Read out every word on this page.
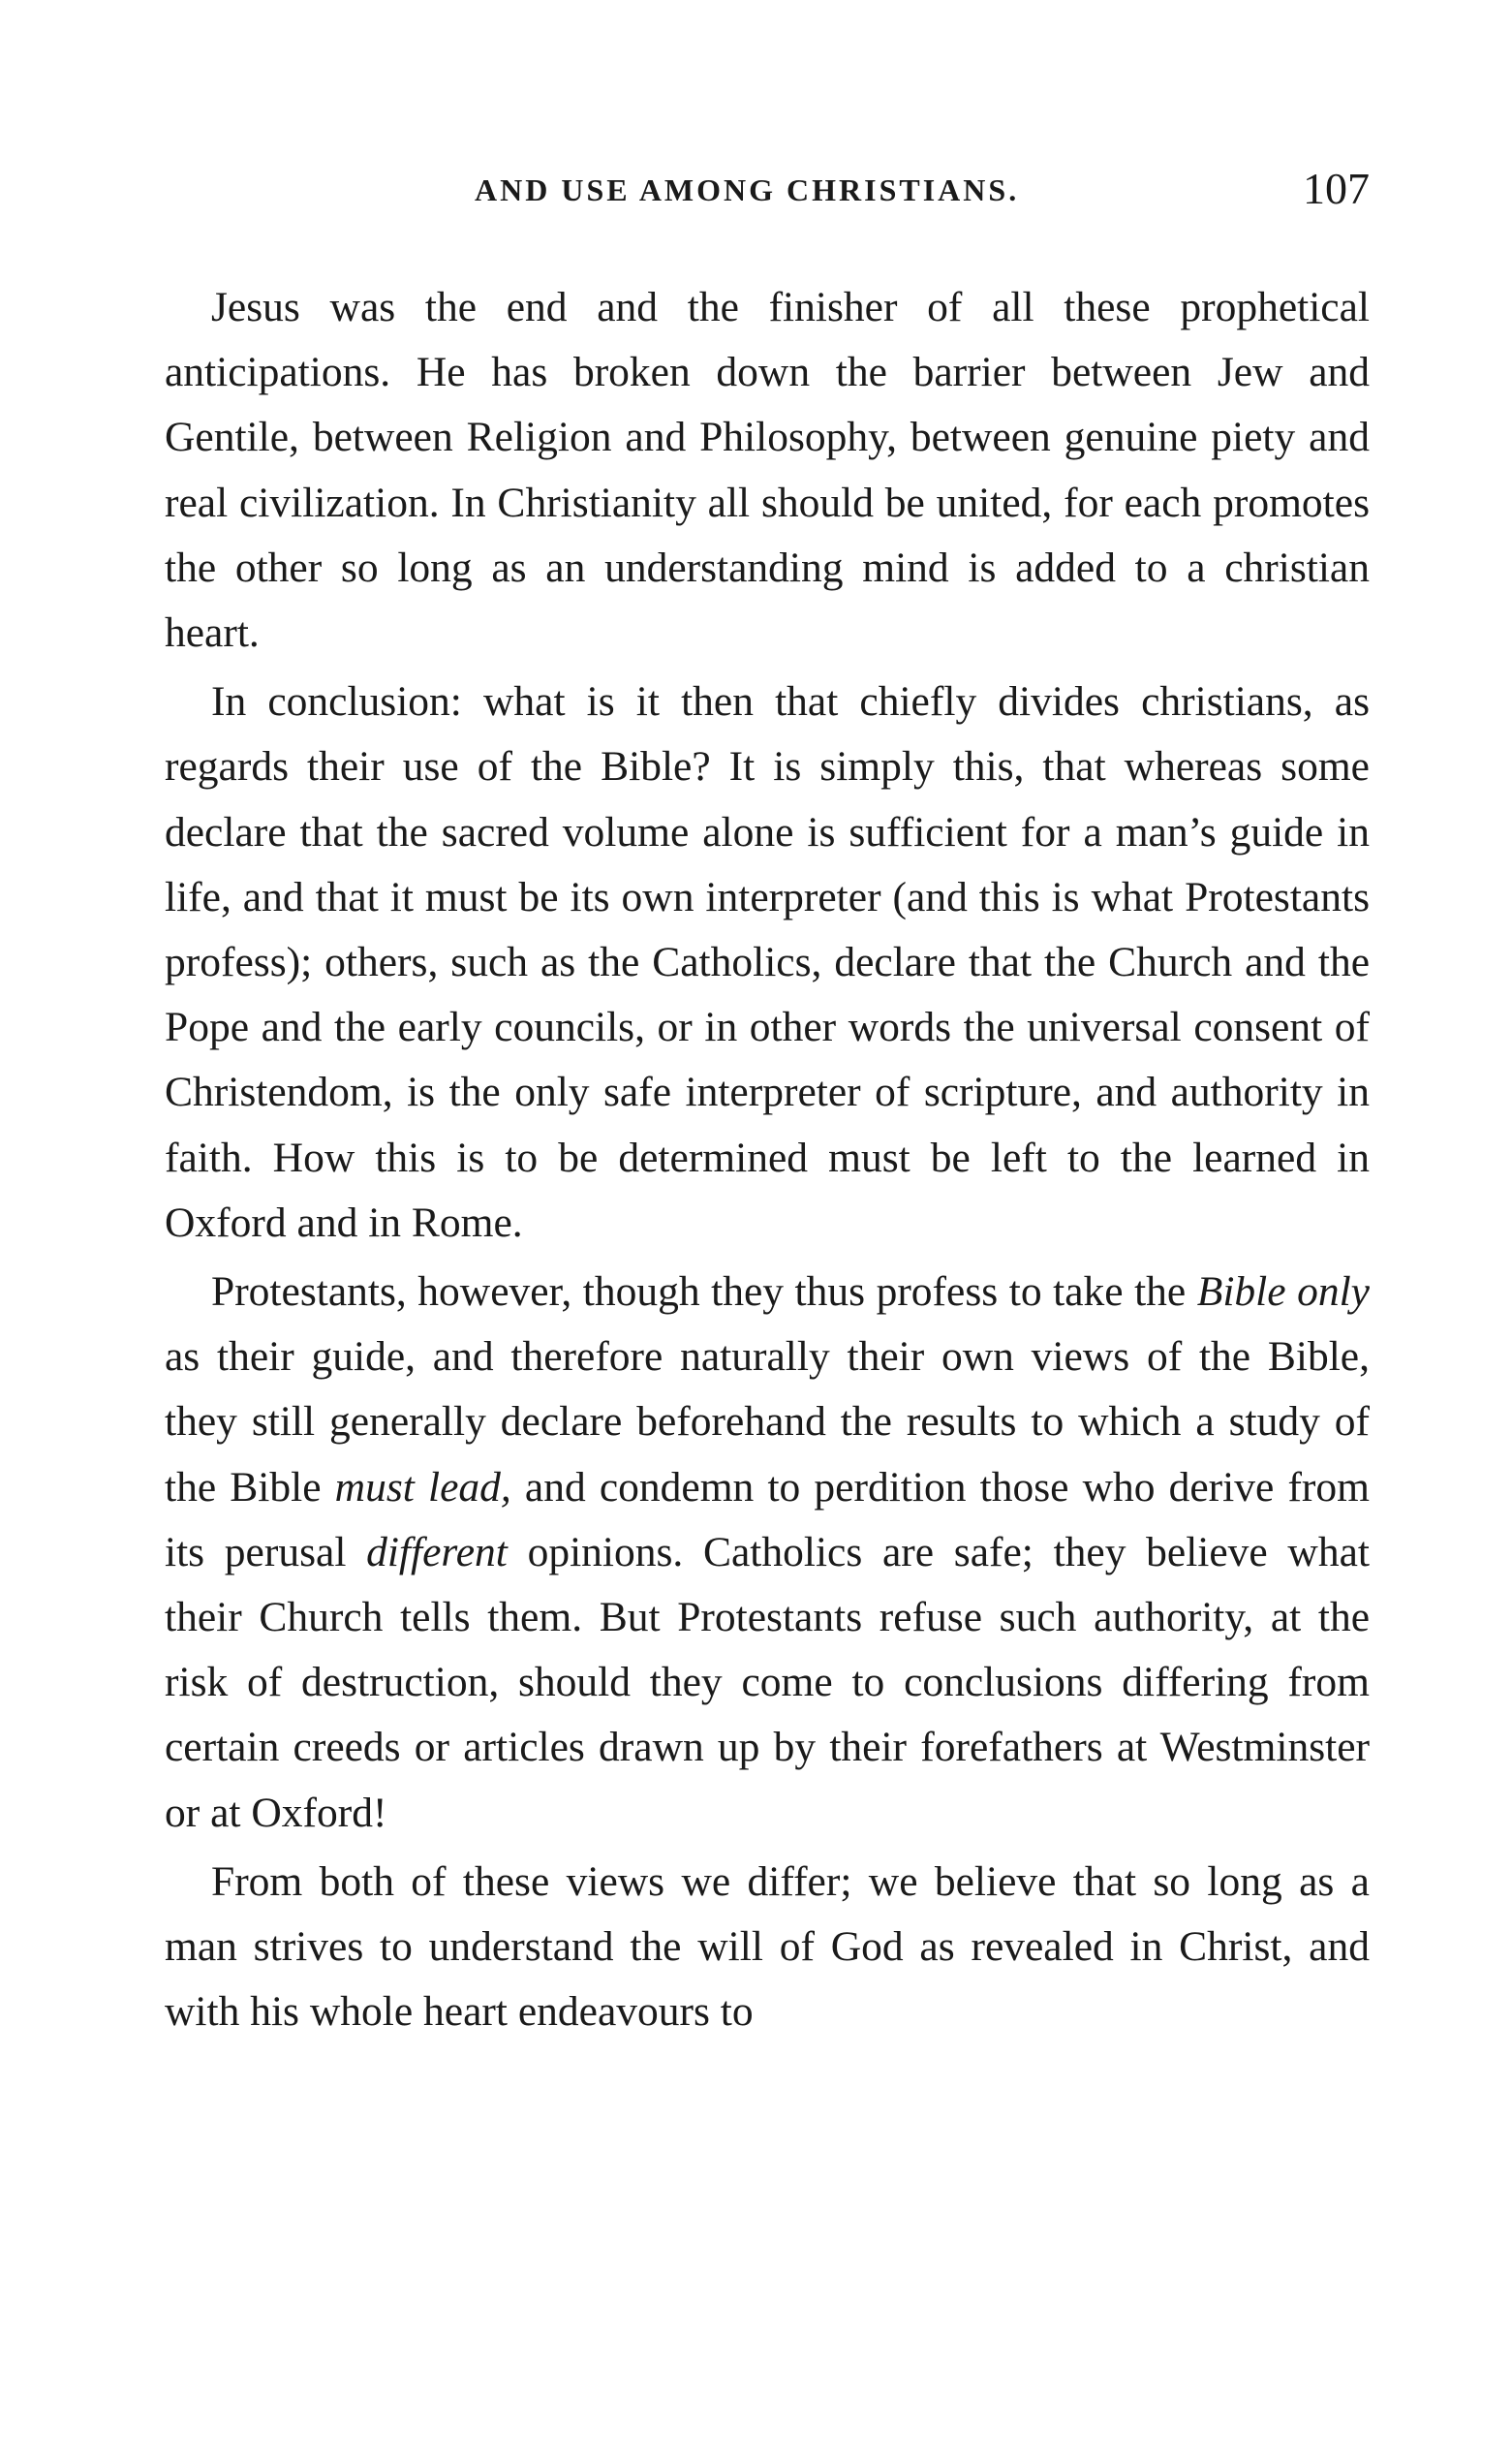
AND USE AMONG CHRISTIANS.	107

Jesus was the end and the finisher of all these prophetical anticipations. He has broken down the barrier between Jew and Gentile, between Religion and Philosophy, between genuine piety and real civilization. In Christianity all should be united, for each promotes the other so long as an understanding mind is added to a christian heart.

In conclusion: what is it then that chiefly divides christians, as regards their use of the Bible? It is simply this, that whereas some declare that the sacred volume alone is sufficient for a man’s guide in life, and that it must be its own interpreter (and this is what Protestants profess); others, such as the Catholics, declare that the Church and the Pope and the early councils, or in other words the universal consent of Christendom, is the only safe interpreter of scripture, and authority in faith. How this is to be determined must be left to the learned in Oxford and in Rome.

Protestants, however, though they thus profess to take the Bible only as their guide, and therefore naturally their own views of the Bible, they still generally declare beforehand the results to which a study of the Bible must lead, and condemn to perdition those who derive from its perusal different opinions. Catholics are safe; they believe what their Church tells them. But Protestants refuse such authority, at the risk of destruction, should they come to conclusions differing from certain creeds or articles drawn up by their forefathers at Westminster or at Oxford!

From both of these views we differ; we believe that so long as a man strives to understand the will of God as revealed in Christ, and with his whole heart endeavours to
